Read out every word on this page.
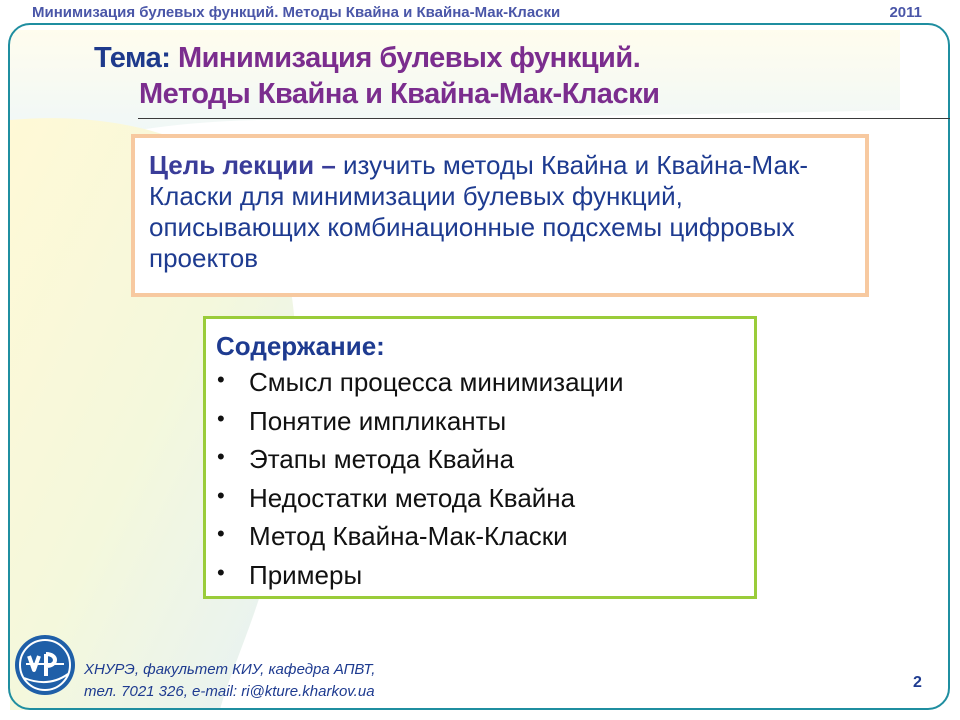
Минимизация булевых функций. Методы Квайна и Квайна-Мак-Класки	2011
Тема: Минимизация булевых функций.
Методы Квайна и Квайна-Мак-Класки
Цель лекции – изучить методы Квайна и Квайна-Мак-Класки для минимизации булевых функций, описывающих комбинационные подсхемы цифровых проектов
Содержание:
• Смысл процесса минимизации
• Понятие импликанты
• Этапы метода Квайна
• Недостатки метода Квайна
• Метод Квайна-Мак-Класки
• Примеры
ХНУРЭ, факультет КИУ, кафедра АПВТ,
тел. 7021 326, e-mail: ri@kture.kharkov.ua
2
